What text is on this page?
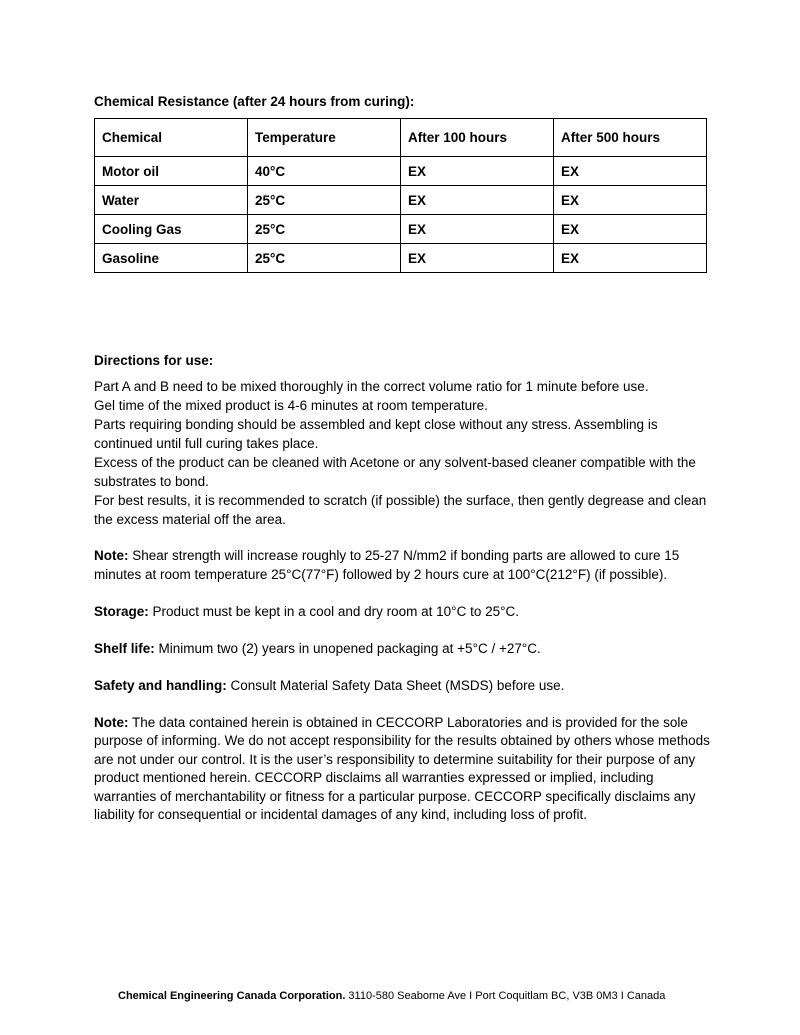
Chemical Resistance (after 24 hours from curing):
Chemical	Temperature	After 100 hours	After 500 hours
Motor oil	40°C	EX	EX
Water	25°C	EX	EX
Cooling Gas	25°C	EX	EX
Gasoline	25°C	EX	EX
Directions for use:

Part A and B need to be mixed thoroughly in the correct volume ratio for 1 minute before use.

Gel time of the mixed product is 4-6 minutes at room temperature.

Parts requiring bonding should be assembled and kept close without any stress. Assembling is continued until full curing takes place.

Excess of the product can be cleaned with Acetone or any solvent-based cleaner compatible with the substrates to bond.

For best results, it is recommended to scratch (if possible) the surface, then gently degrease and clean the excess material off the area.

Note: Shear strength will increase roughly to 25-27 N/mm2 if bonding parts are allowed to cure 15 minutes at room temperature 25°C(77°F) followed by 2 hours cure at 100°C(212°F) (if possible).

Storage: Product must be kept in a cool and dry room at 10°C to 25°C.

Shelf life: Minimum two (2) years in unopened packaging at +5°C / +27°C.

Safety and handling: Consult Material Safety Data Sheet (MSDS) before use.

Note: The data contained herein is obtained in CECCORP Laboratories and is provided for the sole purpose of informing. We do not accept responsibility for the results obtained by others whose methods are not under our control. It is the user’s responsibility to determine suitability for their purpose of any product mentioned herein. CECCORP disclaims all warranties expressed or implied, including warranties of merchantability or fitness for a particular purpose. CECCORP specifically disclaims any liability for consequential or incidental damages of any kind, including loss of profit.

Chemical Engineering Canada Corporation. 3110-580 Seaborne Ave I Port Coquitlam BC, V3B 0M3 I Canada
